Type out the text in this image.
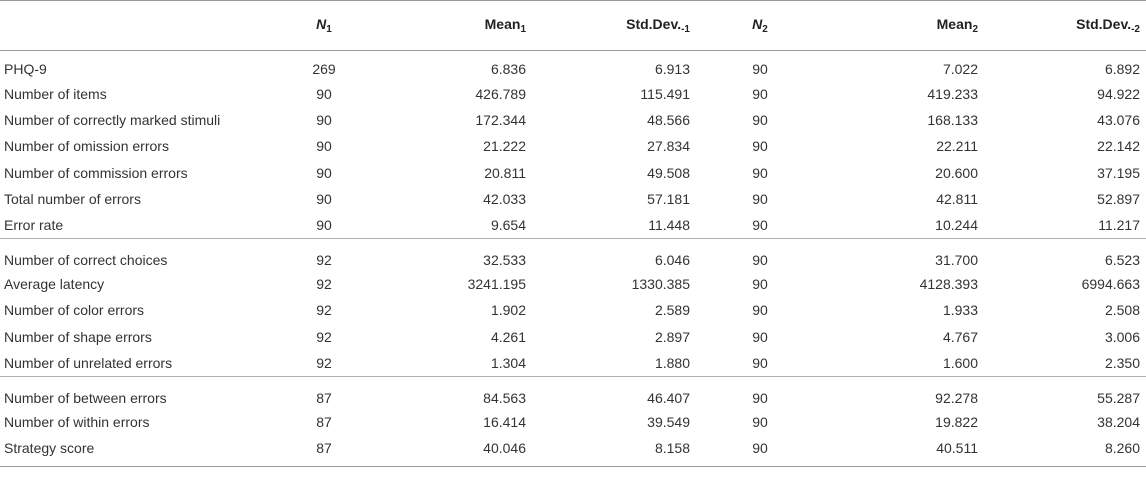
	$N_1$	Mean$_1$	$Std.Dev._{-1}$	$N_2$	Mean$_2$	$Std.Dev._{-2}$
PHQ-9	269	6.836	6.913	90	7.022	6.892
Number of items	90	426.789	115.491	90	419.233	94.922
Number of correctly marked stimuli	90	172.344	48.566	90	168.133	43.076
Number of omission errors	90	21.222	27.834	90	22.211	22.142
Number of commission errors	90	20.811	49.508	90	20.600	37.195
Total number of errors	90	42.033	57.181	90	42.811	52.897
Error rate	90	9.654	11.448	90	10.244	11.217
Number of correct choices	92	32.533	6.046	90	31.700	6.523
Average latency	92	3241.195	1330.385	90	4128.393	6994.663
Number of color errors	92	1.902	2.589	90	1.933	2.508
Number of shape errors	92	4.261	2.897	90	4.767	3.006
Number of unrelated errors	92	1.304	1.880	90	1.600	2.350
Number of between errors	87	84.563	46.407	90	92.278	55.287
Number of within errors	87	16.414	39.549	90	19.822	38.204
Strategy score	87	40.046	8.158	90	40.511	8.260
